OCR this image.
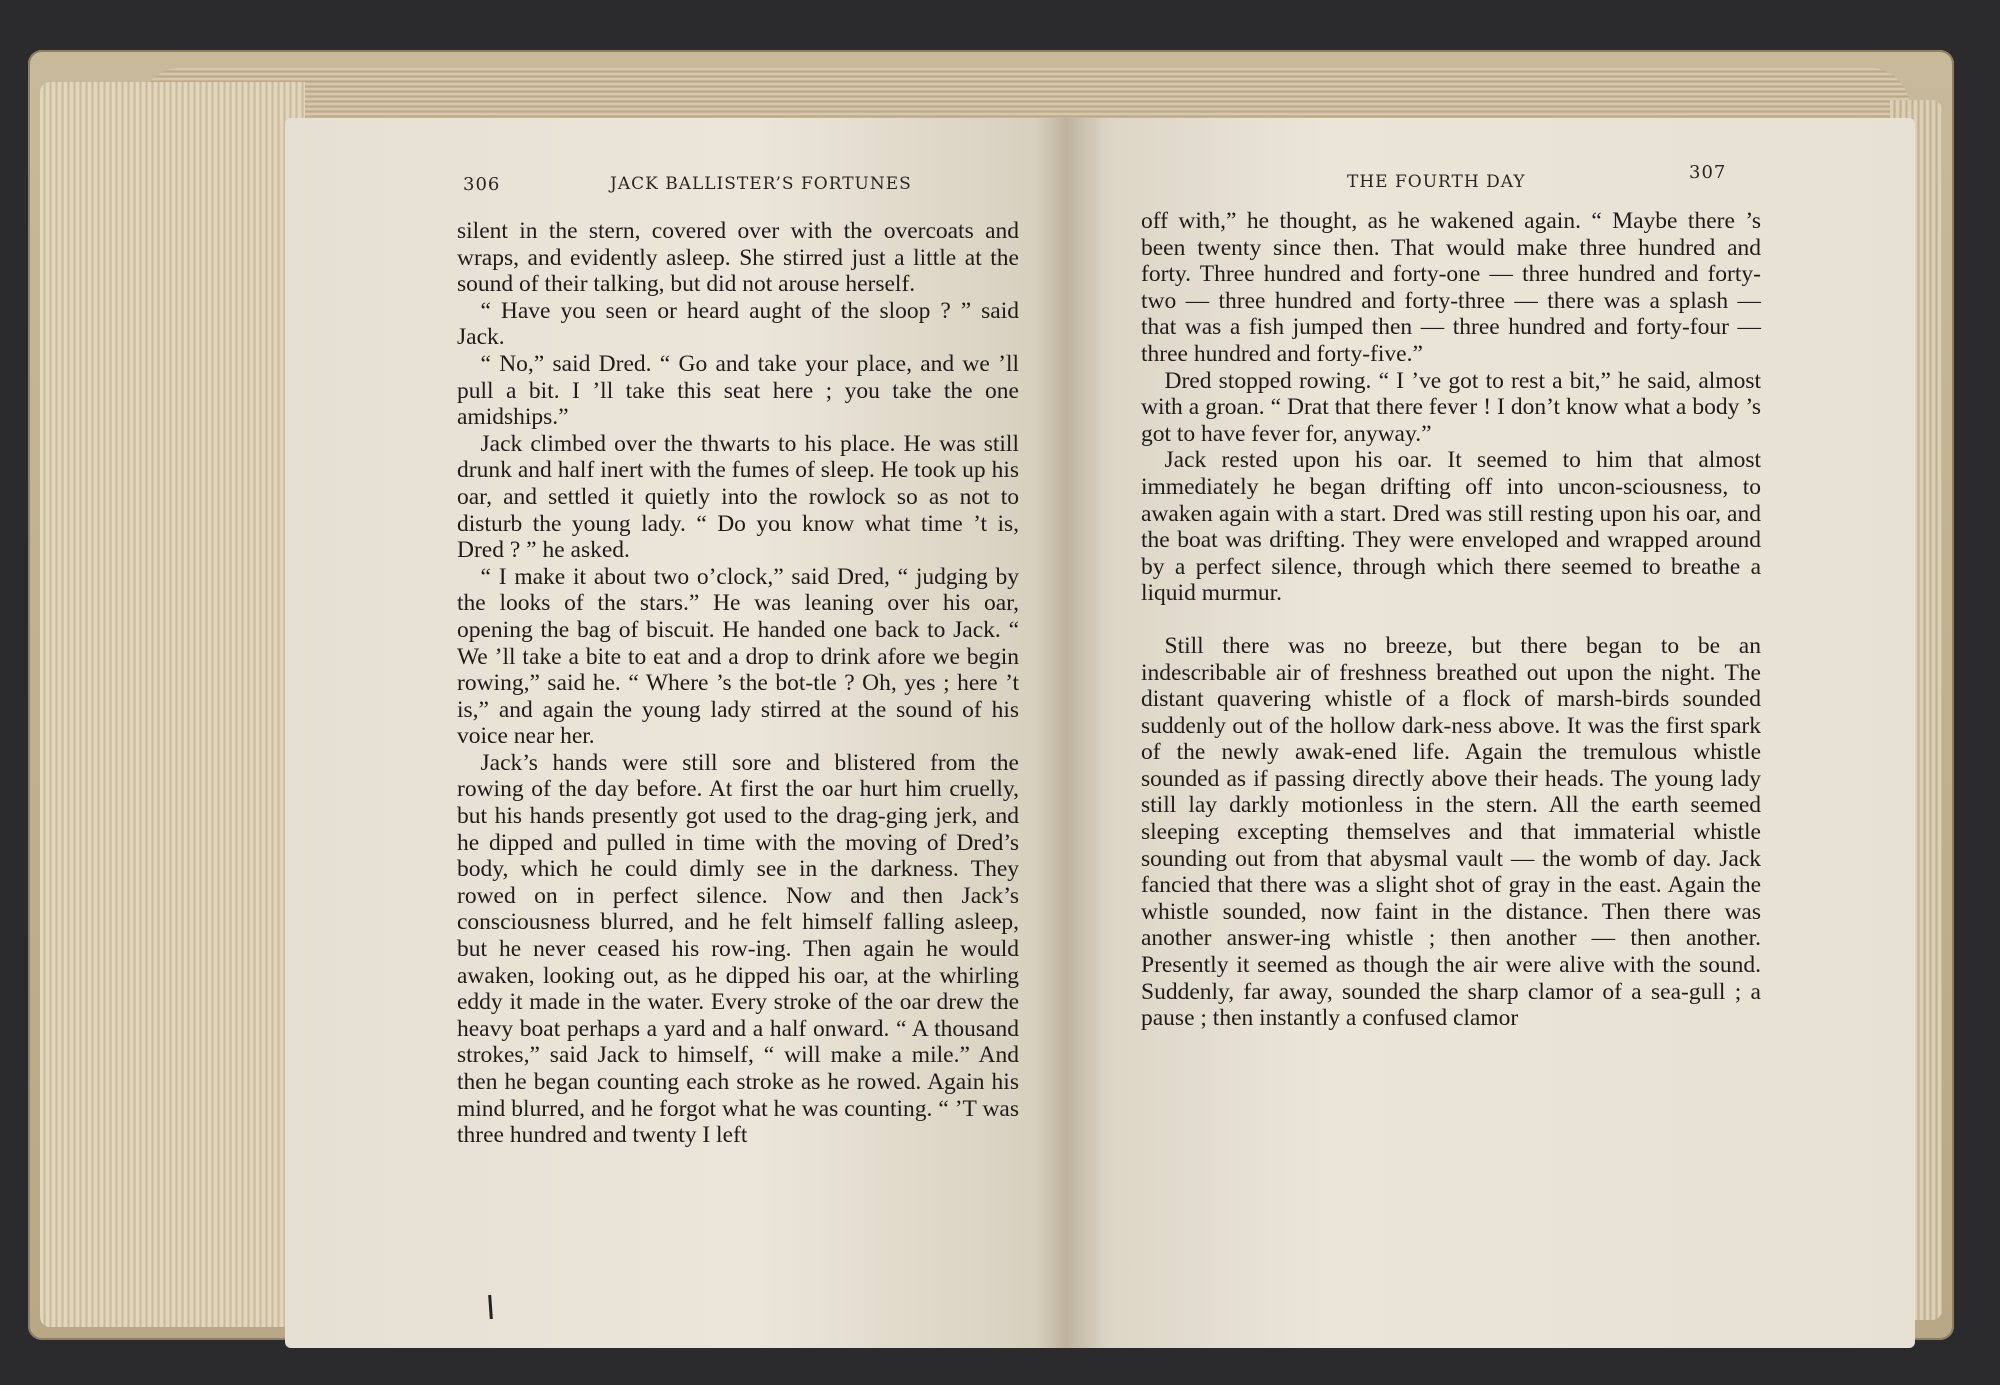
306	JACK BALLISTER’S FORTUNES

silent in the stern, covered over with the overcoats and wraps, and evidently asleep. She stirred just a little at the sound of their talking, but did not arouse herself.

“ Have you seen or heard aught of the sloop ? ” said Jack.

“ No,” said Dred. “ Go and take your place, and we ’ll pull a bit. I ’ll take this seat here ; you take the one amidships.”

Jack climbed over the thwarts to his place. He was still drunk and half inert with the fumes of sleep. He took up his oar, and settled it quietly into the rowlock so as not to disturb the young lady. “ Do you know what time ’t is, Dred ? ” he asked.

“ I make it about two o’clock,” said Dred, “ judging by the looks of the stars.” He was leaning over his oar, opening the bag of biscuit. He handed one back to Jack. “ We ’ll take a bite to eat and a drop to drink afore we begin rowing,” said he. “ Where ’s the bot-tle ? Oh, yes ; here ’t is,” and again the young lady stirred at the sound of his voice near her.

Jack’s hands were still sore and blistered from the rowing of the day before. At first the oar hurt him cruelly, but his hands presently got used to the drag-ging jerk, and he dipped and pulled in time with the moving of Dred’s body, which he could dimly see in the darkness. They rowed on in perfect silence. Now and then Jack’s consciousness blurred, and he felt himself falling asleep, but he never ceased his row-ing. Then again he would awaken, looking out, as he dipped his oar, at the whirling eddy it made in the water. Every stroke of the oar drew the heavy boat perhaps a yard and a half onward. “ A thousand strokes,” said Jack to himself, “ will make a mile.” And then he began counting each stroke as he rowed. Again his mind blurred, and he forgot what he was counting. “ ’T was three hundred and twenty I left

THE FOURTH DAY	307

off with,” he thought, as he wakened again. “ Maybe there ’s been twenty since then. That would make three hundred and forty. Three hundred and forty-one — three hundred and forty-two — three hundred and forty-three — there was a splash — that was a fish jumped then — three hundred and forty-four — three hundred and forty-five.”

Dred stopped rowing. “ I ’ve got to rest a bit,” he said, almost with a groan. “ Drat that there fever ! I don’t know what a body ’s got to have fever for, anyway.”

Jack rested upon his oar. It seemed to him that almost immediately he began drifting off into uncon-sciousness, to awaken again with a start. Dred was still resting upon his oar, and the boat was drifting. They were enveloped and wrapped around by a perfect silence, through which there seemed to breathe a liquid murmur.

Still there was no breeze, but there began to be an indescribable air of freshness breathed out upon the night. The distant quavering whistle of a flock of marsh-birds sounded suddenly out of the hollow dark-ness above. It was the first spark of the newly awak-ened life. Again the tremulous whistle sounded as if passing directly above their heads. The young lady still lay darkly motionless in the stern. All the earth seemed sleeping excepting themselves and that immaterial whistle sounding out from that abysmal vault — the womb of day. Jack fancied that there was a slight shot of gray in the east. Again the whistle sounded, now faint in the distance. Then there was another answer-ing whistle ; then another — then another. Presently it seemed as though the air were alive with the sound. Suddenly, far away, sounded the sharp clamor of a sea-gull ; a pause ; then instantly a confused clamor
